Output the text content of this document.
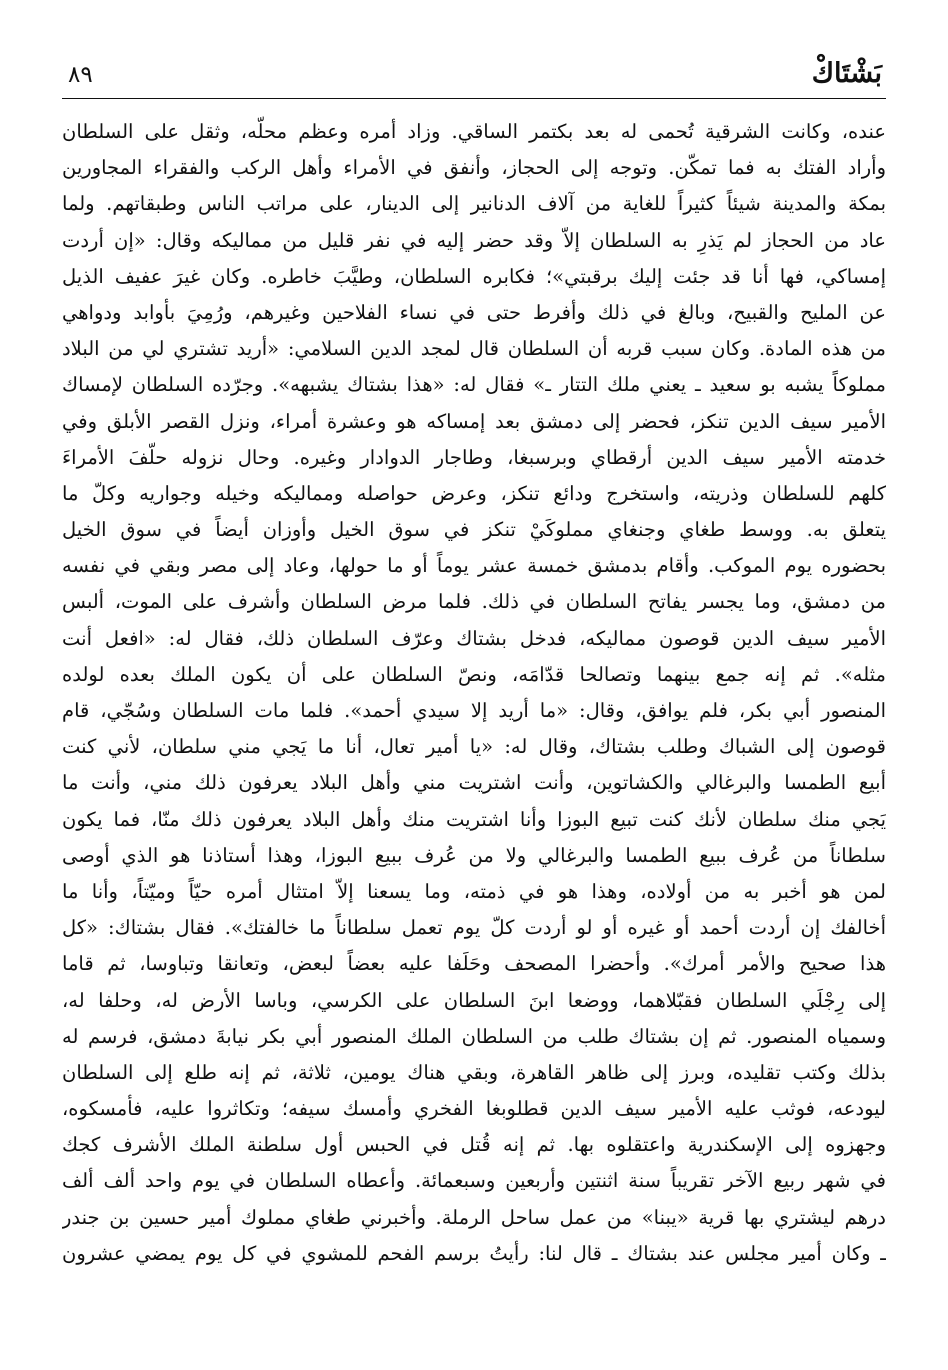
بَشْتَاكْ
٨٩
عنده، وكانت الشرقية تُحمى له بعد بكتمر الساقي. وزاد أمره وعظم محلّه، وثقل على السلطان
وأراد الفتك به فما تمكّن. وتوجه إلى الحجاز، وأنفق في الأمراء وأهل الركب والفقراء المجاورين
بمكة والمدينة شيئاً كثيراً للغاية من آلاف الدنانير إلى الدينار، على مراتب الناس وطبقاتهم. ولما
عاد من الحجاز لم يَذرِ به السلطان إلاّ وقد حضر إليه في نفر قليل من مماليكه وقال: «إن أردت
إمساكي، فها أنا قد جئت إليك برقبتي»؛ فكابره السلطان، وطيَّبَ خاطره. وكان غيرَ عفيف الذيل
عن المليح والقبيح، وبالغ في ذلك وأفرط حتى في نساء الفلاحين وغيرهم، ورُمِيَ بأوابد ودواهي
من هذه المادة. وكان سبب قربه أن السلطان قال لمجد الدين السلامي: «أريد تشتري لي من البلاد
مملوكاً يشبه بو سعيد ـ يعني ملك التتار ـ» فقال له: «هذا بشتاك يشبهه». وجرّده السلطان لإمساك
الأمير سيف الدين تنكز، فحضر إلى دمشق بعد إمساكه هو وعشرة أمراء، ونزل القصر الأبلق وفي
خدمته الأمير سيف الدين أرقطاي وبرسبغا، وطاجار الدوادار وغيره. وحال نزوله حلّفَ الأمراءَ
كلهم للسلطان وذريته، واستخرج ودائع تنكز، وعرض حواصله ومماليكه وخيله وجواريه وكلّ ما
يتعلق به. ووسط طغاي وجنغاي مملوكَيْ تنكز في سوق الخيل وأوزان أيضاً في سوق الخيل
بحضوره يوم الموكب. وأقام بدمشق خمسة عشر يوماً أو ما حولها، وعاد إلى مصر وبقي في نفسه
من دمشق، وما يجسر يفاتح السلطان في ذلك. فلما مرض السلطان وأشرف على الموت، ألبس
الأمير سيف الدين قوصون مماليكه، فدخل بشتاك وعرّف السلطان ذلك، فقال له: «افعل أنت
مثله». ثم إنه جمع بينهما وتصالحا قدّامَه، ونصّ السلطان على أن يكون الملك بعده لولده
المنصور أبي بكر، فلم يوافق، وقال: «ما أريد إلا سيدي أحمد». فلما مات السلطان وسُجّي، قام
قوصون إلى الشباك وطلب بشتاك، وقال له: «يا أمير تعال، أنا ما يَجي مني سلطان، لأني كنت
أبيع الطمسا والبرغالي والكشاتوين، وأنت اشتريت مني وأهل البلاد يعرفون ذلك مني، وأنت ما
يَجي منك سلطان لأنك كنت تبيع البوزا وأنا اشتريت منك وأهل البلاد يعرفون ذلك منّا، فما يكون
سلطاناً من عُرف ببيع الطمسا والبرغالي ولا من عُرف ببيع البوزا، وهذا أستاذنا هو الذي أوصى
لمن هو أخبر به من أولاده، وهذا هو في ذمته، وما يسعنا إلاّ امتثال أمره حيّاً وميّتاً، وأنا ما
أخالفك إن أردت أحمد أو غيره أو لو أردت كلّ يوم تعمل سلطاناً ما خالفتك». فقال بشتاك: «كل
هذا صحيح والأمر أمرك». وأحضرا المصحف وحَلَفا عليه بعضاً لبعض، وتعانقا وتباوسا، ثم قاما
إلى رِجْلَي السلطان فقبّلاهما، ووضعا ابنَ السلطان على الكرسي، وباسا الأرض له، وحلفا له،
وسمياه المنصور. ثم إن بشتاك طلب من السلطان الملك المنصور أبي بكر نيابةَ دمشق، فرسم له
بذلك وكتب تقليده، وبرز إلى ظاهر القاهرة، وبقي هناك يومين، ثلاثة، ثم إنه طلع إلى السلطان
ليودعه، فوثب عليه الأمير سيف الدين قطلوبغا الفخري وأمسك سيفه؛ وتكاثروا عليه، فأمسكوه،
وجهزوه إلى الإسكندرية واعتقلوه بها. ثم إنه قُتل في الحبس أول سلطنة الملك الأشرف كجك
في شهر ربيع الآخر تقريباً سنة اثنتين وأربعين وسبعمائة. وأعطاه السلطان في يوم واحد ألف ألف
درهم ليشتري بها قرية «يبنا» من عمل ساحل الرملة. وأخبرني طغاي مملوك أمير حسين بن جندر
ـ وكان أمير مجلس عند بشتاك ـ قال لنا: رأيتُ برسم الفحم للمشوي في كل يوم يمضي عشرون
